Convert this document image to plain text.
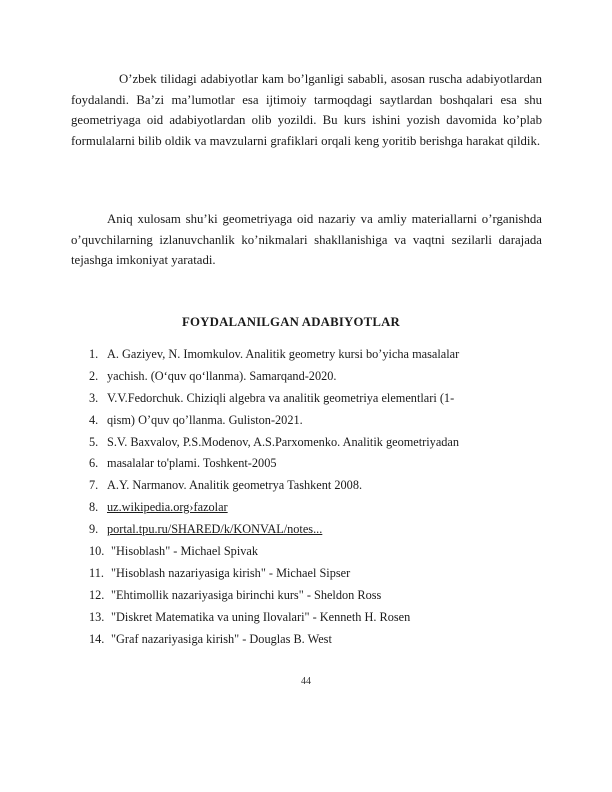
O’zbek tilidagi adabiyotlar kam bo’lganligi sababli, asosan ruscha adabiyotlardan foydalandi. Ba’zi ma’lumotlar esa ijtimoiy tarmoqdagi saytlardan boshqalari esa shu geometriyaga oid adabiyotlardan olib yozildi. Bu kurs ishini yozish davomida ko’plab formulalarni bilib oldik va mavzularni grafiklari orqali keng yoritib berishga harakat qildik.

Aniq xulosam shu’ki geometriyaga oid nazariy va amliy materiallarni o’rganishda o’quvchilarning izlanuvchanlik ko’nikmalari shakllanishiga va vaqtni sezilarli darajada tejashga imkoniyat yaratadi.

FOYDALANILGAN ADABIYOTLAR
1. A. Gaziyev, N. Imomkulov. Analitik geometry kursi bo’yicha masalalar
2. yachish. (O‘quv qo‘llanma). Samarqand-2020.
3. V.V.Fedorchuk. Chiziqli algebra va analitik geometriya elementlari (1-
4. qism) O’quv qo’llanma. Guliston-2021.
5. S.V. Baxvalov, P.S.Modenov, A.S.Parxomenko. Analitik geometriyadan
6. masalalar to'plami. Toshkent-2005
7. A.Y. Narmanov. Analitik geometrya Tashkent 2008.
8. uz.wikipedia.org›fazolar
9. portal.tpu.ru/SHARED/k/KONVAL/notes...
10. "Hisoblash" - Michael Spivak
11. "Hisoblash nazariyasiga kirish" - Michael Sipser
12. "Ehtimollik nazariyasiga birinchi kurs" - Sheldon Ross
13. "Diskret Matematika va uning Ilovalari" - Kenneth H. Rosen
14. "Graf nazariyasiga kirish" - Douglas B. West
44
